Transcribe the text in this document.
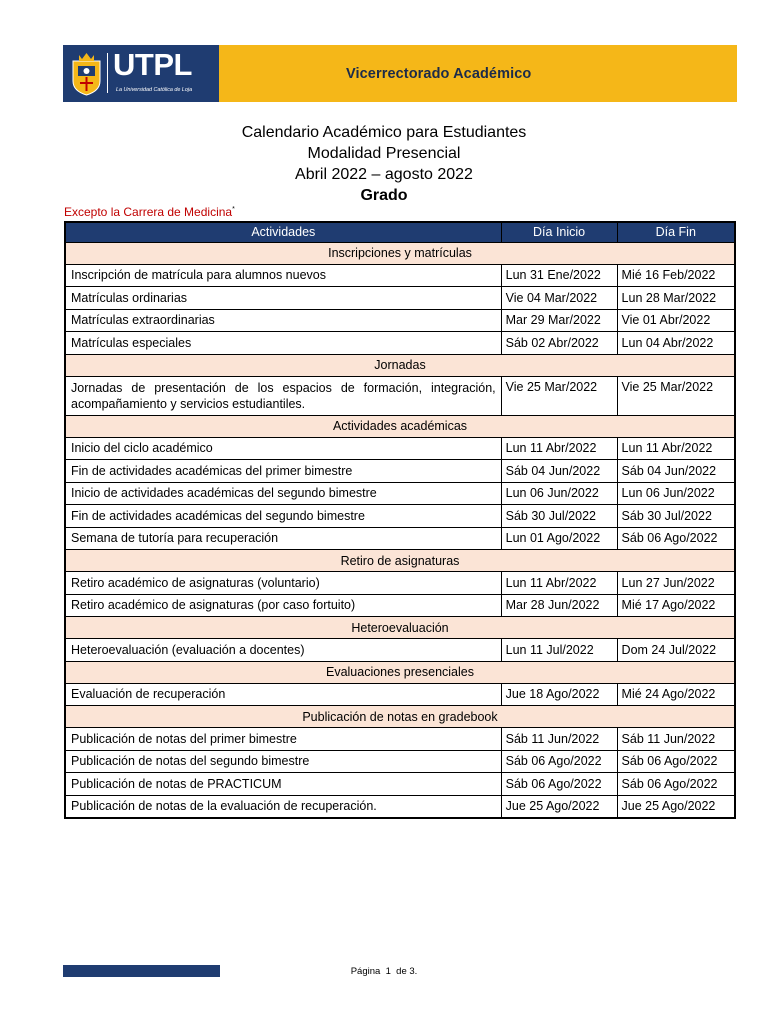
UTPL
La Universidad Católica de Loja
Vicerrectorado Académico
Calendario Académico para Estudiantes
Modalidad Presencial
Abril 2022 – agosto 2022
Grado
Excepto la Carrera de Medicina*
Actividades	Día Inicio	Día Fin
Inscripciones y matrículas		
Inscripción de matrícula para alumnos nuevos	Lun 31 Ene/2022	Mié 16 Feb/2022
Matrículas ordinarias	Vie 04 Mar/2022	Lun 28 Mar/2022
Matrículas extraordinarias	Mar 29 Mar/2022	Vie 01 Abr/2022
Matrículas especiales	Sáb 02 Abr/2022	Lun 04 Abr/2022
Jornadas		
Jornadas de presentación de los espacios de formación, integración, acompañamiento y servicios estudiantiles.	Vie 25 Mar/2022	Vie 25 Mar/2022
Actividades académicas		
Inicio del ciclo académico	Lun 11 Abr/2022	Lun 11 Abr/2022
Fin de actividades académicas del primer bimestre	Sáb 04 Jun/2022	Sáb 04 Jun/2022
Inicio de actividades académicas del segundo bimestre	Lun 06 Jun/2022	Lun 06 Jun/2022
Fin de actividades académicas del segundo bimestre	Sáb 30 Jul/2022	Sáb 30 Jul/2022
Semana de tutoría para recuperación	Lun 01 Ago/2022	Sáb 06 Ago/2022
Retiro de asignaturas		
Retiro académico de asignaturas (voluntario)	Lun 11 Abr/2022	Lun 27 Jun/2022
Retiro académico de asignaturas (por caso fortuito)	Mar 28 Jun/2022	Mié 17 Ago/2022
Heteroevaluación		
Heteroevaluación (evaluación a docentes)	Lun 11 Jul/2022	Dom 24 Jul/2022
Evaluaciones presenciales		
Evaluación de recuperación	Jue 18 Ago/2022	Mié 24 Ago/2022
Publicación de notas en gradebook		
Publicación de notas del primer bimestre	Sáb 11 Jun/2022	Sáb 11 Jun/2022
Publicación de notas del segundo bimestre	Sáb 06 Ago/2022	Sáb 06 Ago/2022
Publicación de notas de PRACTICUM	Sáb 06 Ago/2022	Sáb 06 Ago/2022
Publicación de notas de la evaluación de recuperación.	Jue 25 Ago/2022	Jue 25 Ago/2022
Página 1 de 3.
